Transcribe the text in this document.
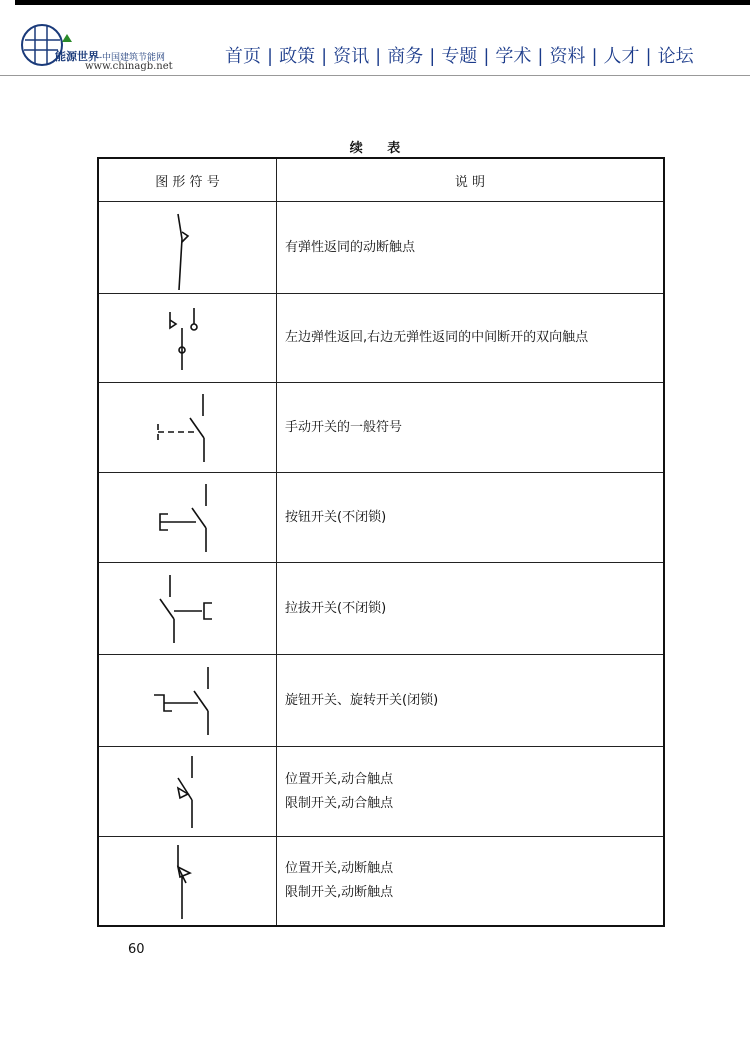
能源世界-中国建筑节能网
www.chinagb.net	首页 | 政策 | 资讯 | 商务 | 专题 | 学术 | 资料 | 人才 | 论坛
续 表
图 形 符 号	说 明

有弹性返同的动断触点

左边弹性返回,右边无弹性返同的中间断开的双向触点

手动开关的一般符号

按钮开关(不闭锁)

拉拔开关(不闭锁)

旋钮开关、旋转开关(闭锁)

位置开关,动合触点
限制开关,动合触点

位置开关,动断触点
限制开关,动断触点
60
